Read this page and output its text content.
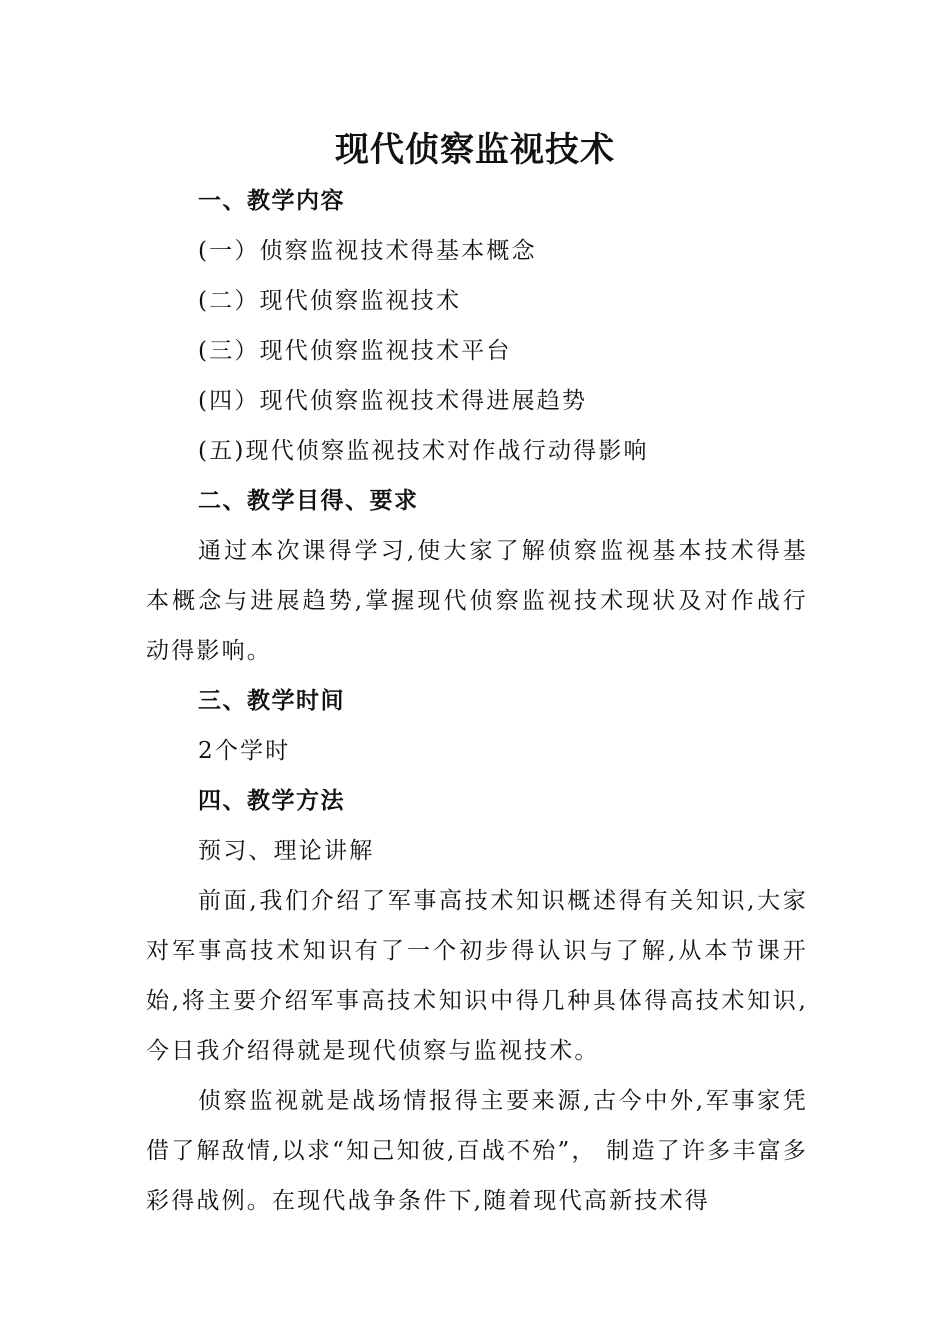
现代侦察监视技术
一、教学内容
(一）侦察监视技术得基本概念
(二）现代侦察监视技术
(三）现代侦察监视技术平台
(四）现代侦察监视技术得进展趋势
(五)现代侦察监视技术对作战行动得影响
二、教学目得、要求
通过本次课得学习,使大家了解侦察监视基本技术得基本概念与进展趋势,掌握现代侦察监视技术现状及对作战行动得影响。
三、教学时间
2个学时
四、教学方法
预习、理论讲解
前面,我们介绍了军事高技术知识概述得有关知识,大家对军事高技术知识有了一个初步得认识与了解,从本节课开始,将主要介绍军事高技术知识中得几种具体得高技术知识,今日我介绍得就是现代侦察与监视技术。
侦察监视就是战场情报得主要来源,古今中外,军事家凭借了解敌情,以求“知己知彼,百战不殆”， 制造了许多丰富多彩得战例。在现代战争条件下,随着现代高新技术得
